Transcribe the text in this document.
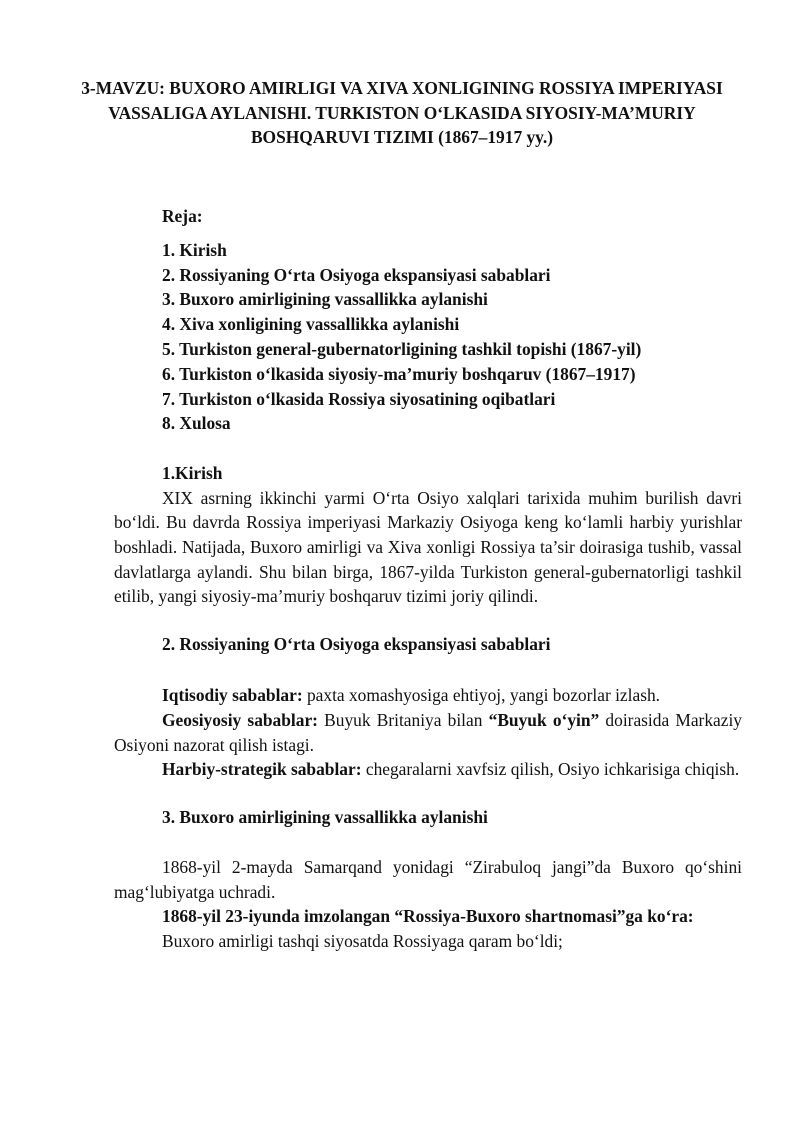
3-MAVZU: BUXORO AMIRLIGI VA XIVA XONLIGINING ROSSIYA IMPERIYASI VASSALIGA AYLANISHI. TURKISTON O‘LKASIDA SIYOSIY-MA’MURIY BOSHQARUVI TIZIMI (1867–1917 yy.)
Reja:
1. Kirish
2. Rossiyaning O‘rta Osiyoga ekspansiyasi sabablari
3. Buxoro amirligining vassallikka aylanishi
4. Xiva xonligining vassallikka aylanishi
5. Turkiston general-gubernatorligining tashkil topishi (1867-yil)
6. Turkiston o‘lkasida siyosiy-ma’muriy boshqaruv (1867–1917)
7. Turkiston o‘lkasida Rossiya siyosatining oqibatlari
8. Xulosa
1.Kirish

XIX asrning ikkinchi yarmi O‘rta Osiyo xalqlari tarixida muhim burilish davri bo‘ldi. Bu davrda Rossiya imperiyasi Markaziy Osiyoga keng ko‘lamli harbiy yurishlar boshladi. Natijada, Buxoro amirligi va Xiva xonligi Rossiya ta’sir doirasiga tushib, vassal davlatlarga aylandi. Shu bilan birga, 1867-yilda Turkiston general-gubernatorligi tashkil etilib, yangi siyosiy-ma’muriy boshqaruv tizimi joriy qilindi.

2. Rossiyaning O‘rta Osiyoga ekspansiyasi sabablari

Iqtisodiy sabablar: paxta xomashyosiga ehtiyoj, yangi bozorlar izlash.

Geosiyosiy sabablar: Buyuk Britaniya bilan “Buyuk o‘yin” doirasida Markaziy Osiyoni nazorat qilish istagi.

Harbiy-strategik sabablar: chegaralarni xavfsiz qilish, Osiyo ichkarisiga chiqish.

3. Buxoro amirligining vassallikka aylanishi

1868-yil 2-mayda Samarqand yonidagi “Zirabuloq jangi”da Buxoro qo‘shini mag‘lubiyatga uchradi.

1868-yil 23-iyunda imzolangan “Rossiya-Buxoro shartnomasi”ga ko‘ra:

Buxoro amirligi tashqi siyosatda Rossiyaga qaram bo‘ldi;
